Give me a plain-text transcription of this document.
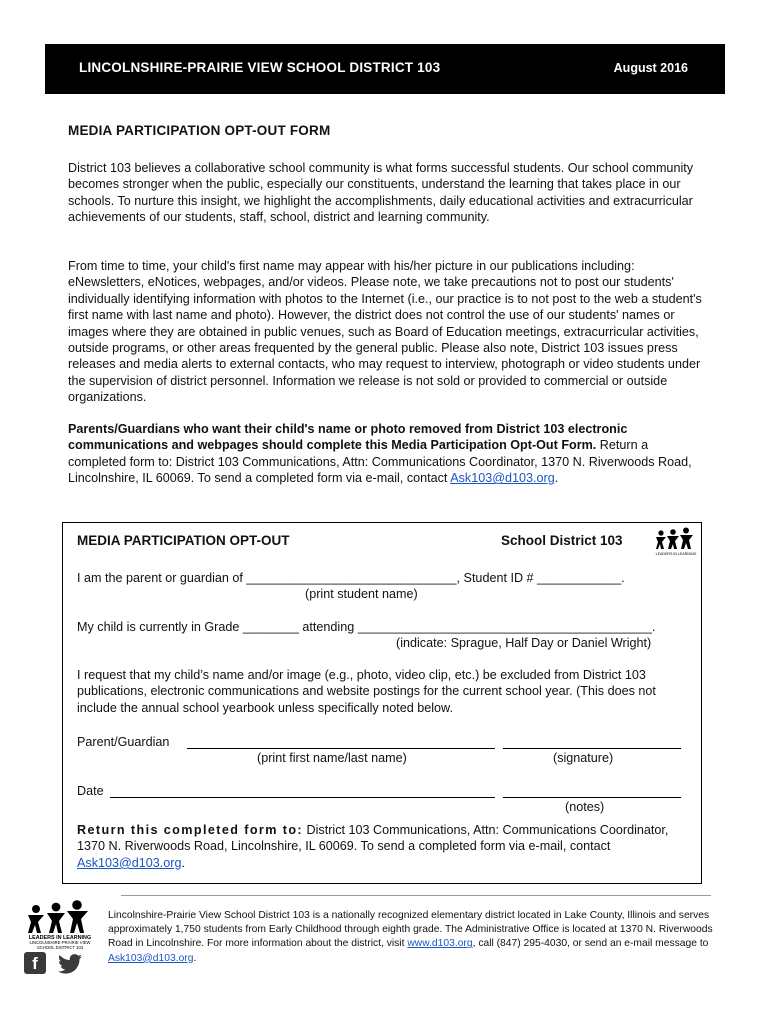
LINCOLNSHIRE-PRAIRIE VIEW SCHOOL DISTRICT 103	August 2016
MEDIA PARTICIPATION OPT-OUT FORM

District 103 believes a collaborative school community is what forms successful students. Our school community becomes stronger when the public, especially our constituents, understand the learning that takes place in our schools. To nurture this insight, we highlight the accomplishments, daily educational activities and extracurricular achievements of our students, staff, school, district and learning community.

From time to time, your child's first name may appear with his/her picture in our publications including: eNewsletters, eNotices, webpages, and/or videos. Please note, we take precautions not to post our students' individually identifying information with photos to the Internet (i.e., our practice is to not post to the web a student's first name with last name and photo). However, the district does not control the use of our students' names or images where they are obtained in public venues, such as Board of Education meetings, extracurricular activities, outside programs, or other areas frequented by the general public. Please also note, District 103 issues press releases and media alerts to external contacts, who may request to interview, photograph or video students under the supervision of district personnel. Information we release is not sold or provided to commercial or outside organizations.

Parents/Guardians who want their child's name or photo removed from District 103 electronic communications and webpages should complete this Media Participation Opt-Out Form. Return a completed form to: District 103 Communications, Attn: Communications Coordinator, 1370 N. Riverwoods Road, Lincolnshire, IL 60069. To send a completed form via e-mail, contact Ask103@d103.org.

MEDIA PARTICIPATION OPT-OUT	School District 103
LEADERS IN LEARNING
I am the parent or guardian of ______________________________, Student ID # ____________.
(print student name)
My child is currently in Grade ________ attending __________________________________________.
(indicate: Sprague, Half Day or Daniel Wright)
I request that my child’s name and/or image (e.g., photo, video clip, etc.) be excluded from District 103 publications, electronic communications and website postings for the current school year. (This does not include the annual school yearbook unless specifically noted below.
Parent/Guardian
(print first name/last name)	(signature)
Date
(notes)
Return this completed form to: District 103 Communications, Attn: Communications Coordinator, 1370 N. Riverwoods Road, Lincolnshire, IL 60069. To send a completed form via e-mail, contact Ask103@d103.org.
LEADERS IN LEARNING
LINCOLNSHIRE-PRAIRIE VIEW
SCHOOL DISTRICT 103
f
Lincolnshire-Prairie View School District 103 is a nationally recognized elementary district located in Lake County, Illinois and serves approximately 1,750 students from Early Childhood through eighth grade. The Administrative Office is located at 1370 N. Riverwoods Road in Lincolnshire. For more information about the district, visit www.d103.org, call (847) 295-4030, or send an e-mail message to Ask103@d103.org.
